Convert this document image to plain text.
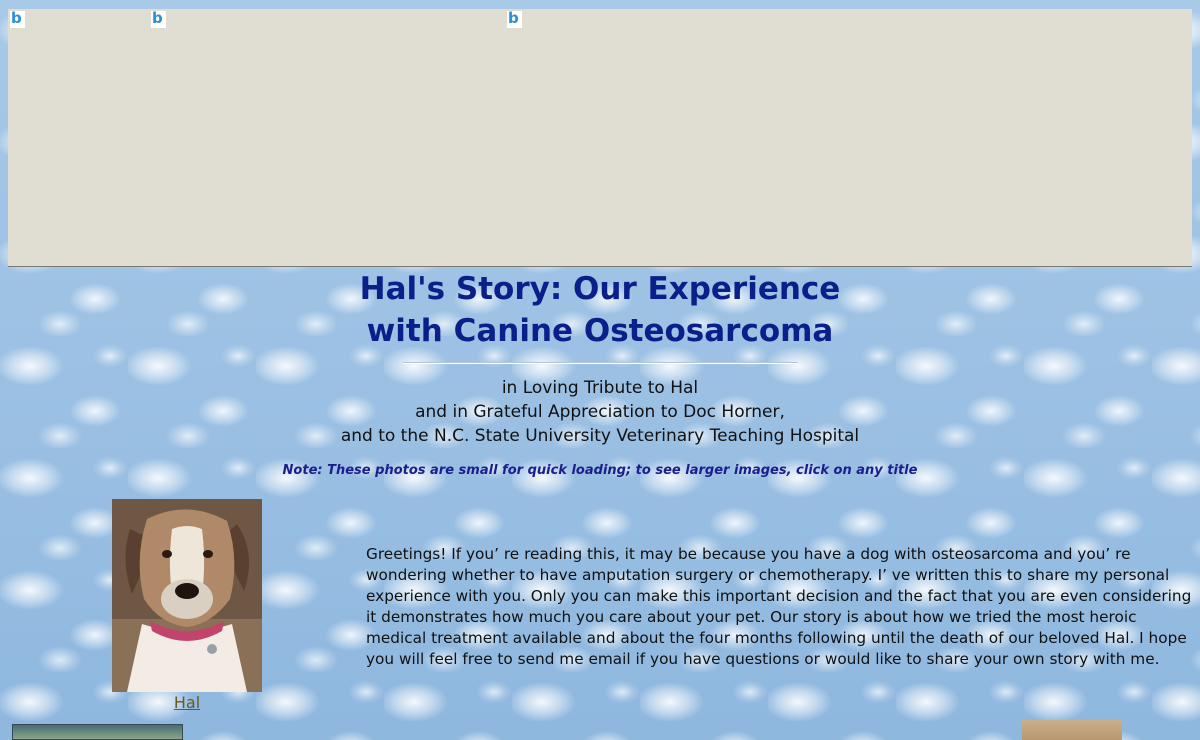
b	b	b
Hal's Story: Our Experience
with Canine Osteosarcoma
in Loving Tribute to Hal
and in Grateful Appreciation to Doc Horner,
and to the N.C. State University Veterinary Teaching Hospital
Note: These photos are small for quick loading; to see larger images, click on any title
Hal

Greetings! If you’ re reading this, it may be because you have a dog with osteosarcoma and you’ re wondering whether to have amputation surgery or chemotherapy. I’ ve written this to share my personal experience with you. Only you can make this important decision and the fact that you are even considering it demonstrates how much you care about your pet. Our story is about how we tried the most heroic medical treatment available and about the four months following until the death of our beloved Hal. I hope you will feel free to send me email if you have questions or would like to share your own story with me.
